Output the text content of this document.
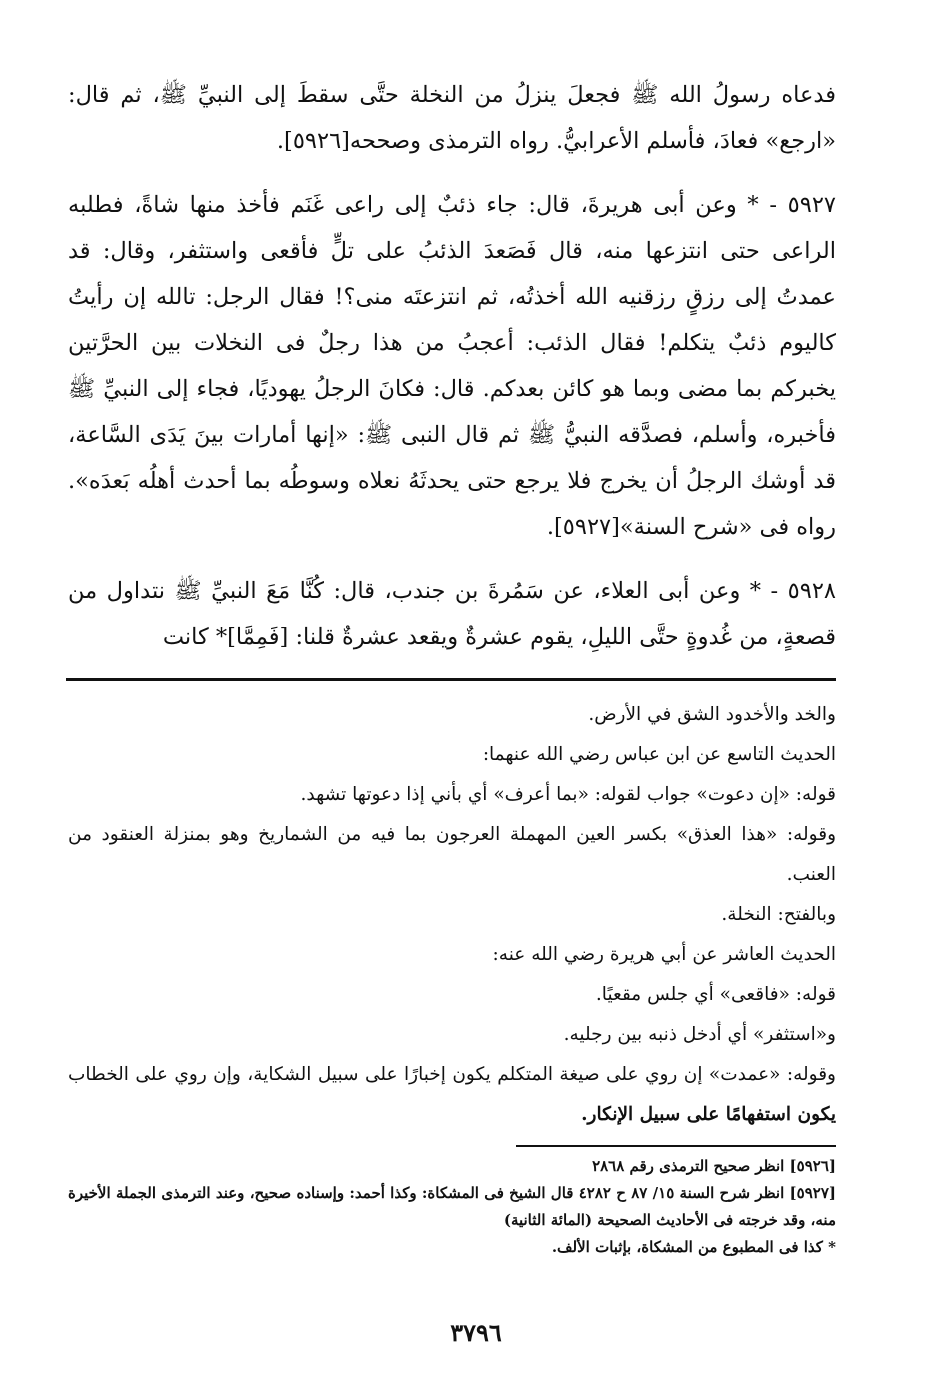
فدعاه رسولُ الله ﷺ فجعلَ ينزلُ من النخلة حتَّى سقطَ إلى النبيِّ ﷺ، ثم قال: «ارجع» فعادَ، فأسلم الأعرابيُّ. رواه الترمذى وصححه[٥٩٢٦].

٥٩٢٧ - * وعن أبى هريرةَ، قال: جاء ذئبٌ إلى راعى غَنَم فأخذ منها شاةً، فطلبه الراعى حتى انتزعها منه، قال فَصَعدَ الذئبُ على تلٍّ فأقعى واستثفر، وقال: قد عمدتُ إلى رزقٍ رزقنيه الله أخذتُه، ثم انتزعتَه منى؟! فقال الرجل: تالله إن رأيتُ كاليوم ذئبٌ يتكلم! فقال الذئب: أعجبُ من هذا رجلٌ فى النخلات بين الحرَّتين يخبركم بما مضى وبما هو كائن بعدكم. قال: فكانَ الرجلُ يهوديًا، فجاء إلى النبيِّ ﷺ فأخبره، وأسلم، فصدَّقه النبيُّ ﷺ ثم قال النبى ﷺ: «إنها أمارات بينَ يَدَى السَّاعة، قد أوشك الرجلُ أن يخرج فلا يرجع حتى يحدثَهُ نعلاه وسوطُه بما أحدث أهلُه بَعدَه». رواه فى «شرح السنة»[٥٩٢٧].

٥٩٢٨ - * وعن أبى العلاء، عن سَمُرةَ بن جندب، قال: كُنَّا مَعَ النبيِّ ﷺ نتداول من قصعةٍ، من غُدوةٍ حتَّى الليلِ، يقوم عشرةٌ ويقعد عشرةٌ قلنا: [فَمِمَّا]* كانت

والخد والأخدود الشق في الأرض.

الحديث التاسع عن ابن عباس رضي الله عنهما:

قوله: «إن دعوت» جواب لقوله: «بما أعرف» أي بأني إذا دعوتها تشهد.

وقوله: «هذا العذق» بكسر العين المهملة العرجون بما فيه من الشماريخ وهو بمنزلة العنقود من العنب.

وبالفتح: النخلة.

الحديث العاشر عن أبي هريرة رضي الله عنه:

قوله: «فاقعى» أي جلس مقعيًا.

و«استثفر» أي أدخل ذنبه بين رجليه.

وقوله: «عمدت» إن روي على صيغة المتكلم يكون إخبارًا على سبيل الشكاية، وإن روي على الخطاب يكون استفهامًا على سبيل الإنكار.

[٥٩٢٦] انظر صحيح الترمذى رقم ٢٨٦٨

[٥٩٢٧] انظر شرح السنة ١٥/ ٨٧ ح ٤٢٨٢ قال الشيخ فى المشكاة: وكذا أحمد: وإسناده صحيح، وعند الترمذى الجملة الأخيرة منه، وقد خرجته فى الأحاديث الصحيحة (المائة الثانية)

* كذا فى المطبوع من المشكاة، بإثبات الألف.

٣٧٩٦
